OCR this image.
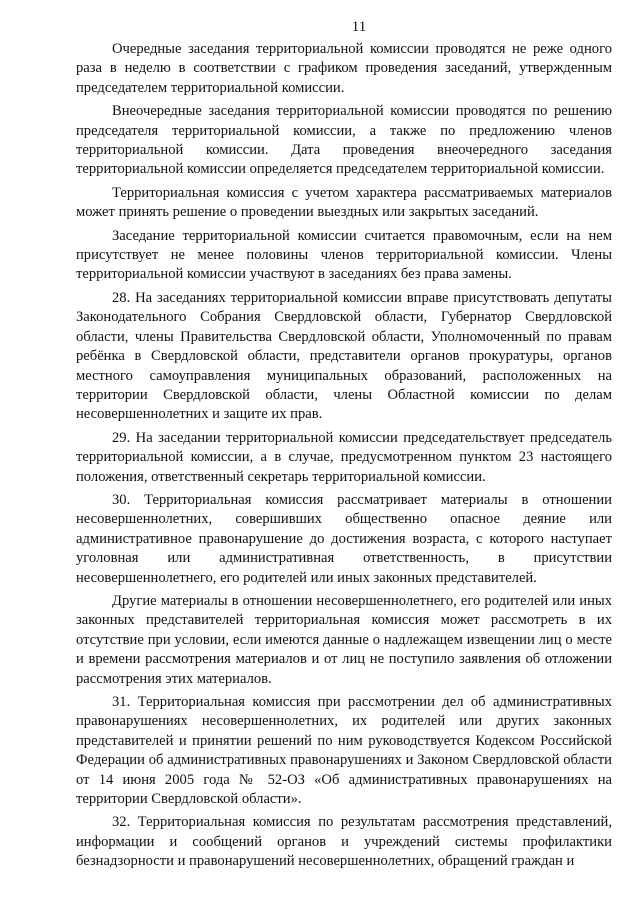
11

Очередные заседания территориальной комиссии проводятся не реже одного раза в неделю в соответствии с графиком проведения заседаний, утвержденным председателем территориальной комиссии.

Внеочередные заседания территориальной комиссии проводятся по решению председателя территориальной комиссии, а также по предложению членов территориальной комиссии. Дата проведения внеочередного заседания территориальной комиссии определяется председателем территориальной комиссии.

Территориальная комиссия с учетом характера рассматриваемых материалов может принять решение о проведении выездных или закрытых заседаний.

Заседание территориальной комиссии считается правомочным, если на нем присутствует не менее половины членов территориальной комиссии. Члены территориальной комиссии участвуют в заседаниях без права замены.

28. На заседаниях территориальной комиссии вправе присутствовать депутаты Законодательного Собрания Свердловской области, Губернатор Свердловской области, члены Правительства Свердловской области, Уполномоченный по правам ребёнка в Свердловской области, представители органов прокуратуры, органов местного самоуправления муниципальных образований, расположенных на территории Свердловской области, члены Областной комиссии по делам несовершеннолетних и защите их прав.

29. На заседании территориальной комиссии председательствует председатель территориальной комиссии, а в случае, предусмотренном пунктом 23 настоящего положения, ответственный секретарь территориальной комиссии.

30. Территориальная комиссия рассматривает материалы в отношении несовершеннолетних, совершивших общественно опасное деяние или административное правонарушение до достижения возраста, с которого наступает уголовная или административная ответственность, в присутствии несовершеннолетнего, его родителей или иных законных представителей.

Другие материалы в отношении несовершеннолетнего, его родителей или иных законных представителей территориальная комиссия может рассмотреть в их отсутствие при условии, если имеются данные о надлежащем извещении лиц о месте и времени рассмотрения материалов и от лиц не поступило заявления об отложении рассмотрения этих материалов.

31. Территориальная комиссия при рассмотрении дел об административных правонарушениях несовершеннолетних, их родителей или других законных представителей и принятии решений по ним руководствуется Кодексом Российской Федерации об административных правонарушениях и Законом Свердловской области от 14 июня 2005 года № 52-ОЗ «Об административных правонарушениях на территории Свердловской области».

32. Территориальная комиссия по результатам рассмотрения представлений, информации и сообщений органов и учреждений системы профилактики безнадзорности и правонарушений несовершеннолетних, обращений граждан и
